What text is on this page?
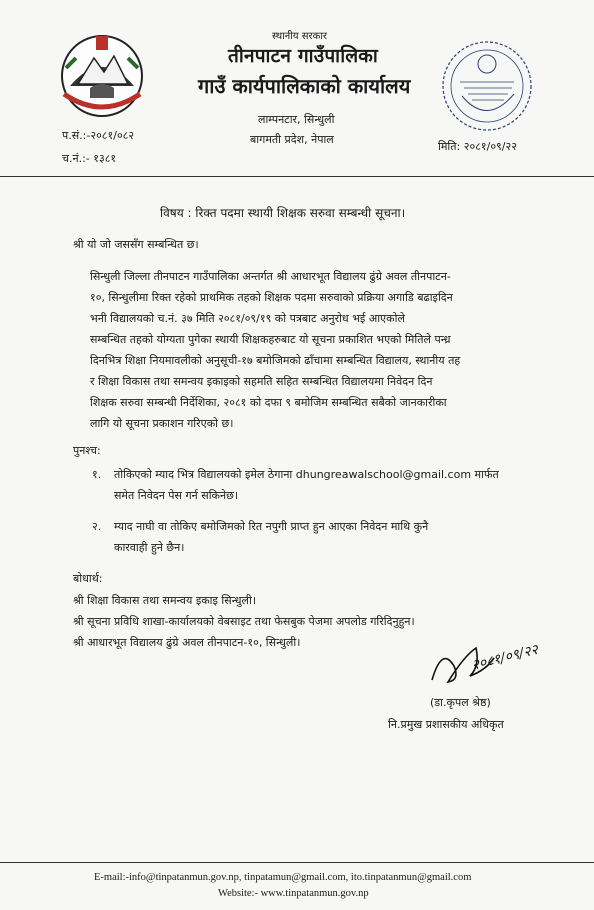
स्थानीय सरकार
तीनपाटन गाउँपालिका
गाउँ कार्यपालिकाको कार्यालय
लाम्पनटार, सिन्धुली
बागमती प्रदेश, नेपाल
प.सं.:-२०८१/०८२
च.नं.:- १३८१
मिति: २०८१/०९/२२
विषय : रिक्त पदमा स्थायी शिक्षक सरुवा सम्बन्धी सूचना।
श्री यो जो जससँग सम्बन्धित छ।
सिन्धुली जिल्ला तीनपाटन गाउँपालिका अन्तर्गत श्री आधारभूत विद्यालय ढुंग्रे अवल तीनपाटन-
१०, सिन्धुलीमा रिक्त रहेको प्राथमिक तहको शिक्षक पदमा सरुवाको प्रक्रिया अगाडि बढाइदिन
भनी विद्यालयको च.नं. ३७ मिति २०८१/०९/१९ को पत्रबाट अनुरोध भई आएकोले
सम्बन्धित तहको योग्यता पुगेका स्थायी शिक्षकहरुबाट यो सूचना प्रकाशित भएको मितिले पन्ध्र
दिनभित्र शिक्षा नियमावलीको अनुसूची-१७ बमोजिमको ढाँचामा सम्बन्धित विद्यालय, स्थानीय तह
र शिक्षा विकास तथा समन्वय इकाइको सहमति सहित सम्बन्धित विद्यालयमा निवेदन दिन
शिक्षक सरुवा सम्बन्धी निर्देशिका, २०८१ को दफा ९ बमोजिम सम्बन्धित सबैको जानकारीका
लागि यो सूचना प्रकाशन गरिएको छ।
पुनश्च:
१. तोकिएको म्याद भित्र विद्यालयको इमेल ठेगाना dhungreawalschool@gmail.com मार्फत
समेत निवेदन पेस गर्न सकिनेछ।
२. म्याद नाघी वा तोकिए बमोजिमको रित नपुगी प्राप्त हुन आएका निवेदन माथि कुनै
कारवाही हुने छैन।
बोधार्थ:
श्री शिक्षा विकास तथा समन्वय इकाइ सिन्धुली।
श्री सूचना प्रविधि शाखा-कार्यालयको वेबसाइट तथा फेसबुक पेजमा अपलोड गरिदिनुहुन।
श्री आधारभूत विद्यालय ढुंग्रे अवल तीनपाटन-१०, सिन्धुली।	२०८१/०९/२२
(डा.कृपल श्रेष्ठ)
नि.प्रमुख प्रशासकीय अधिकृत
E-mail:-info@tinpatanmun.gov.np, tinpatamun@gmail.com, ito.tinpatanmun@gmail.com
Website:- www.tinpatanmun.gov.np
